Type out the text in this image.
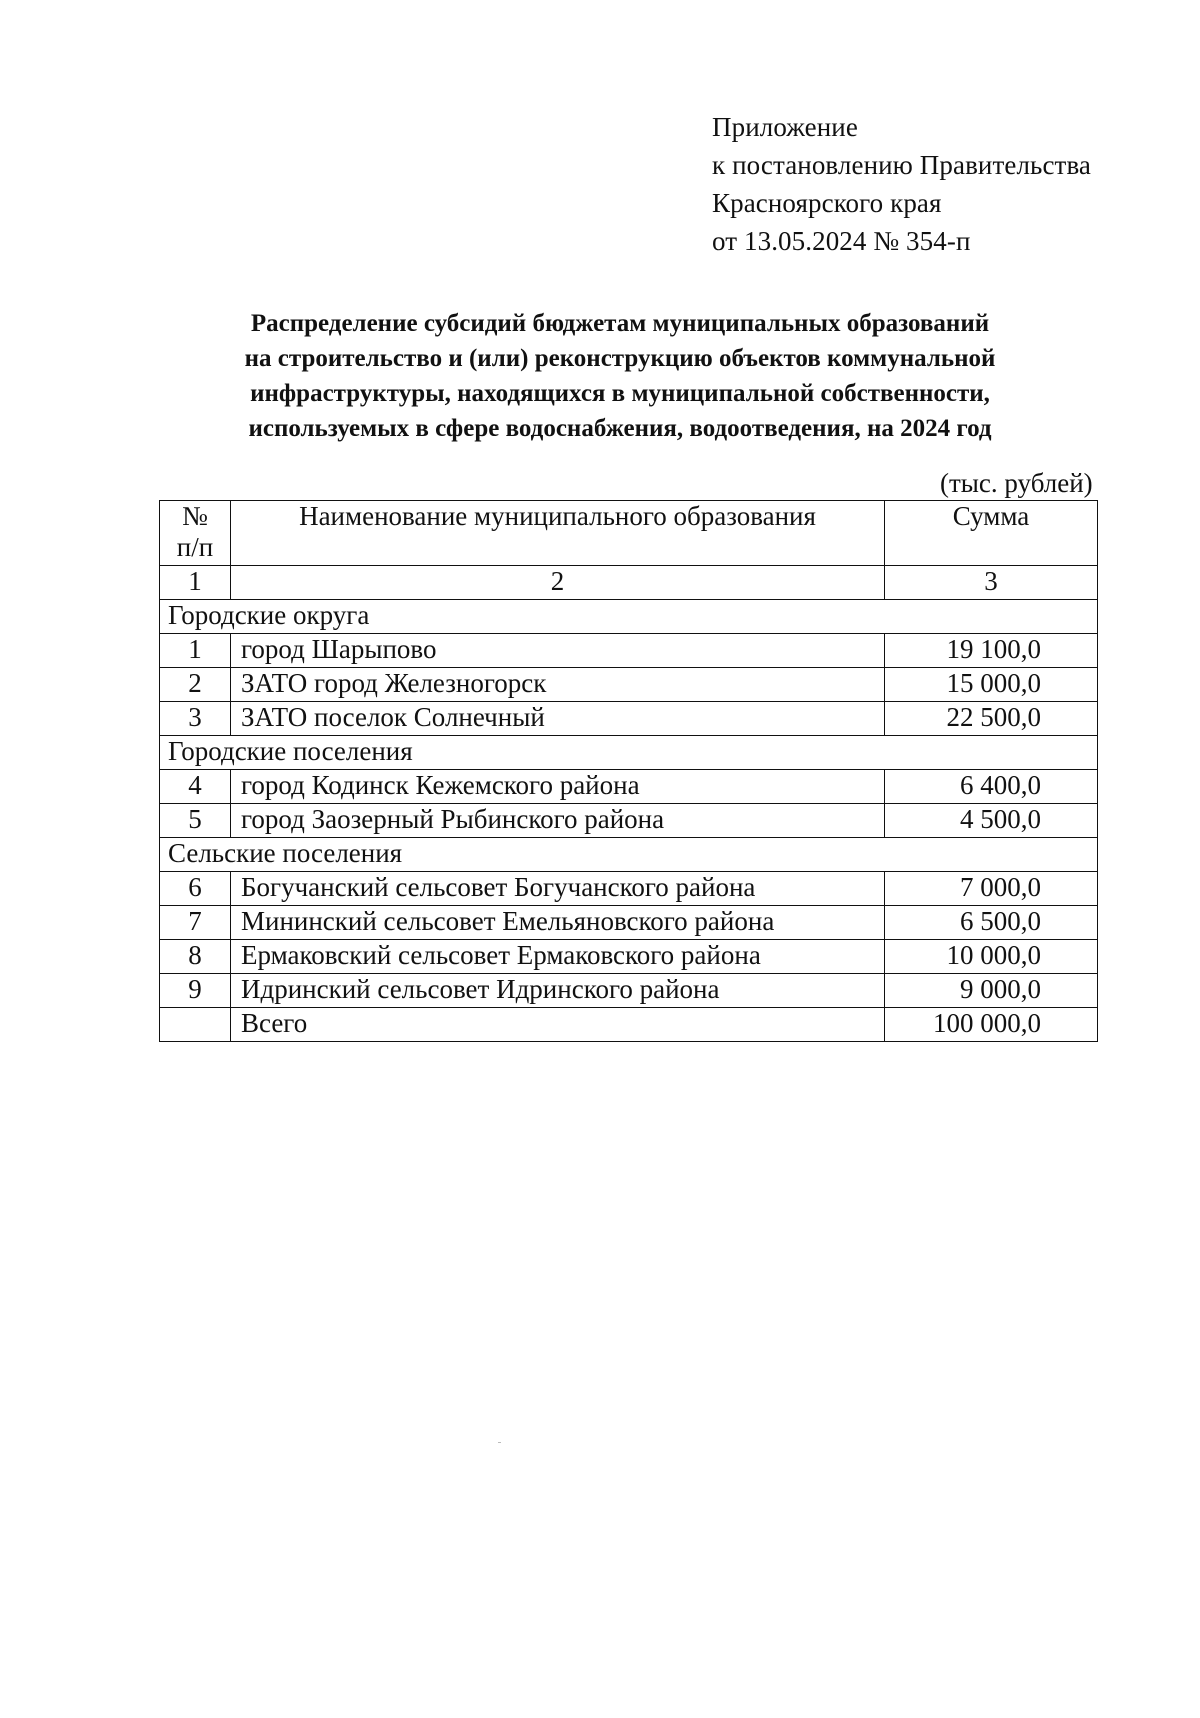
Приложение
к постановлению Правительства
Красноярского края
от 13.05.2024 № 354-п
Распределение субсидий бюджетам муниципальных образований
на строительство и (или) реконструкцию объектов коммунальной
инфраструктуры, находящихся в муниципальной собственности,
используемых в сфере водоснабжения, водоотведения, на 2024 год
(тыс. рублей)
№
п/п	Наименование муниципального образования	Сумма
1	2	3
Городские округа		
1	город Шарыпово	19 100,0
2	ЗАТО город Железногорск	15 000,0
3	ЗАТО поселок Солнечный	22 500,0
Городские поселения		
4	город Кодинск Кежемского района	6 400,0
5	город Заозерный Рыбинского района	4 500,0
Сельские поселения		
6	Богучанский сельсовет Богучанского района	7 000,0
7	Мининский сельсовет Емельяновского района	6 500,0
8	Ермаковский сельсовет Ермаковского района	10 000,0
9	Идринский сельсовет Идринского района	9 000,0
	Всего	100 000,0
